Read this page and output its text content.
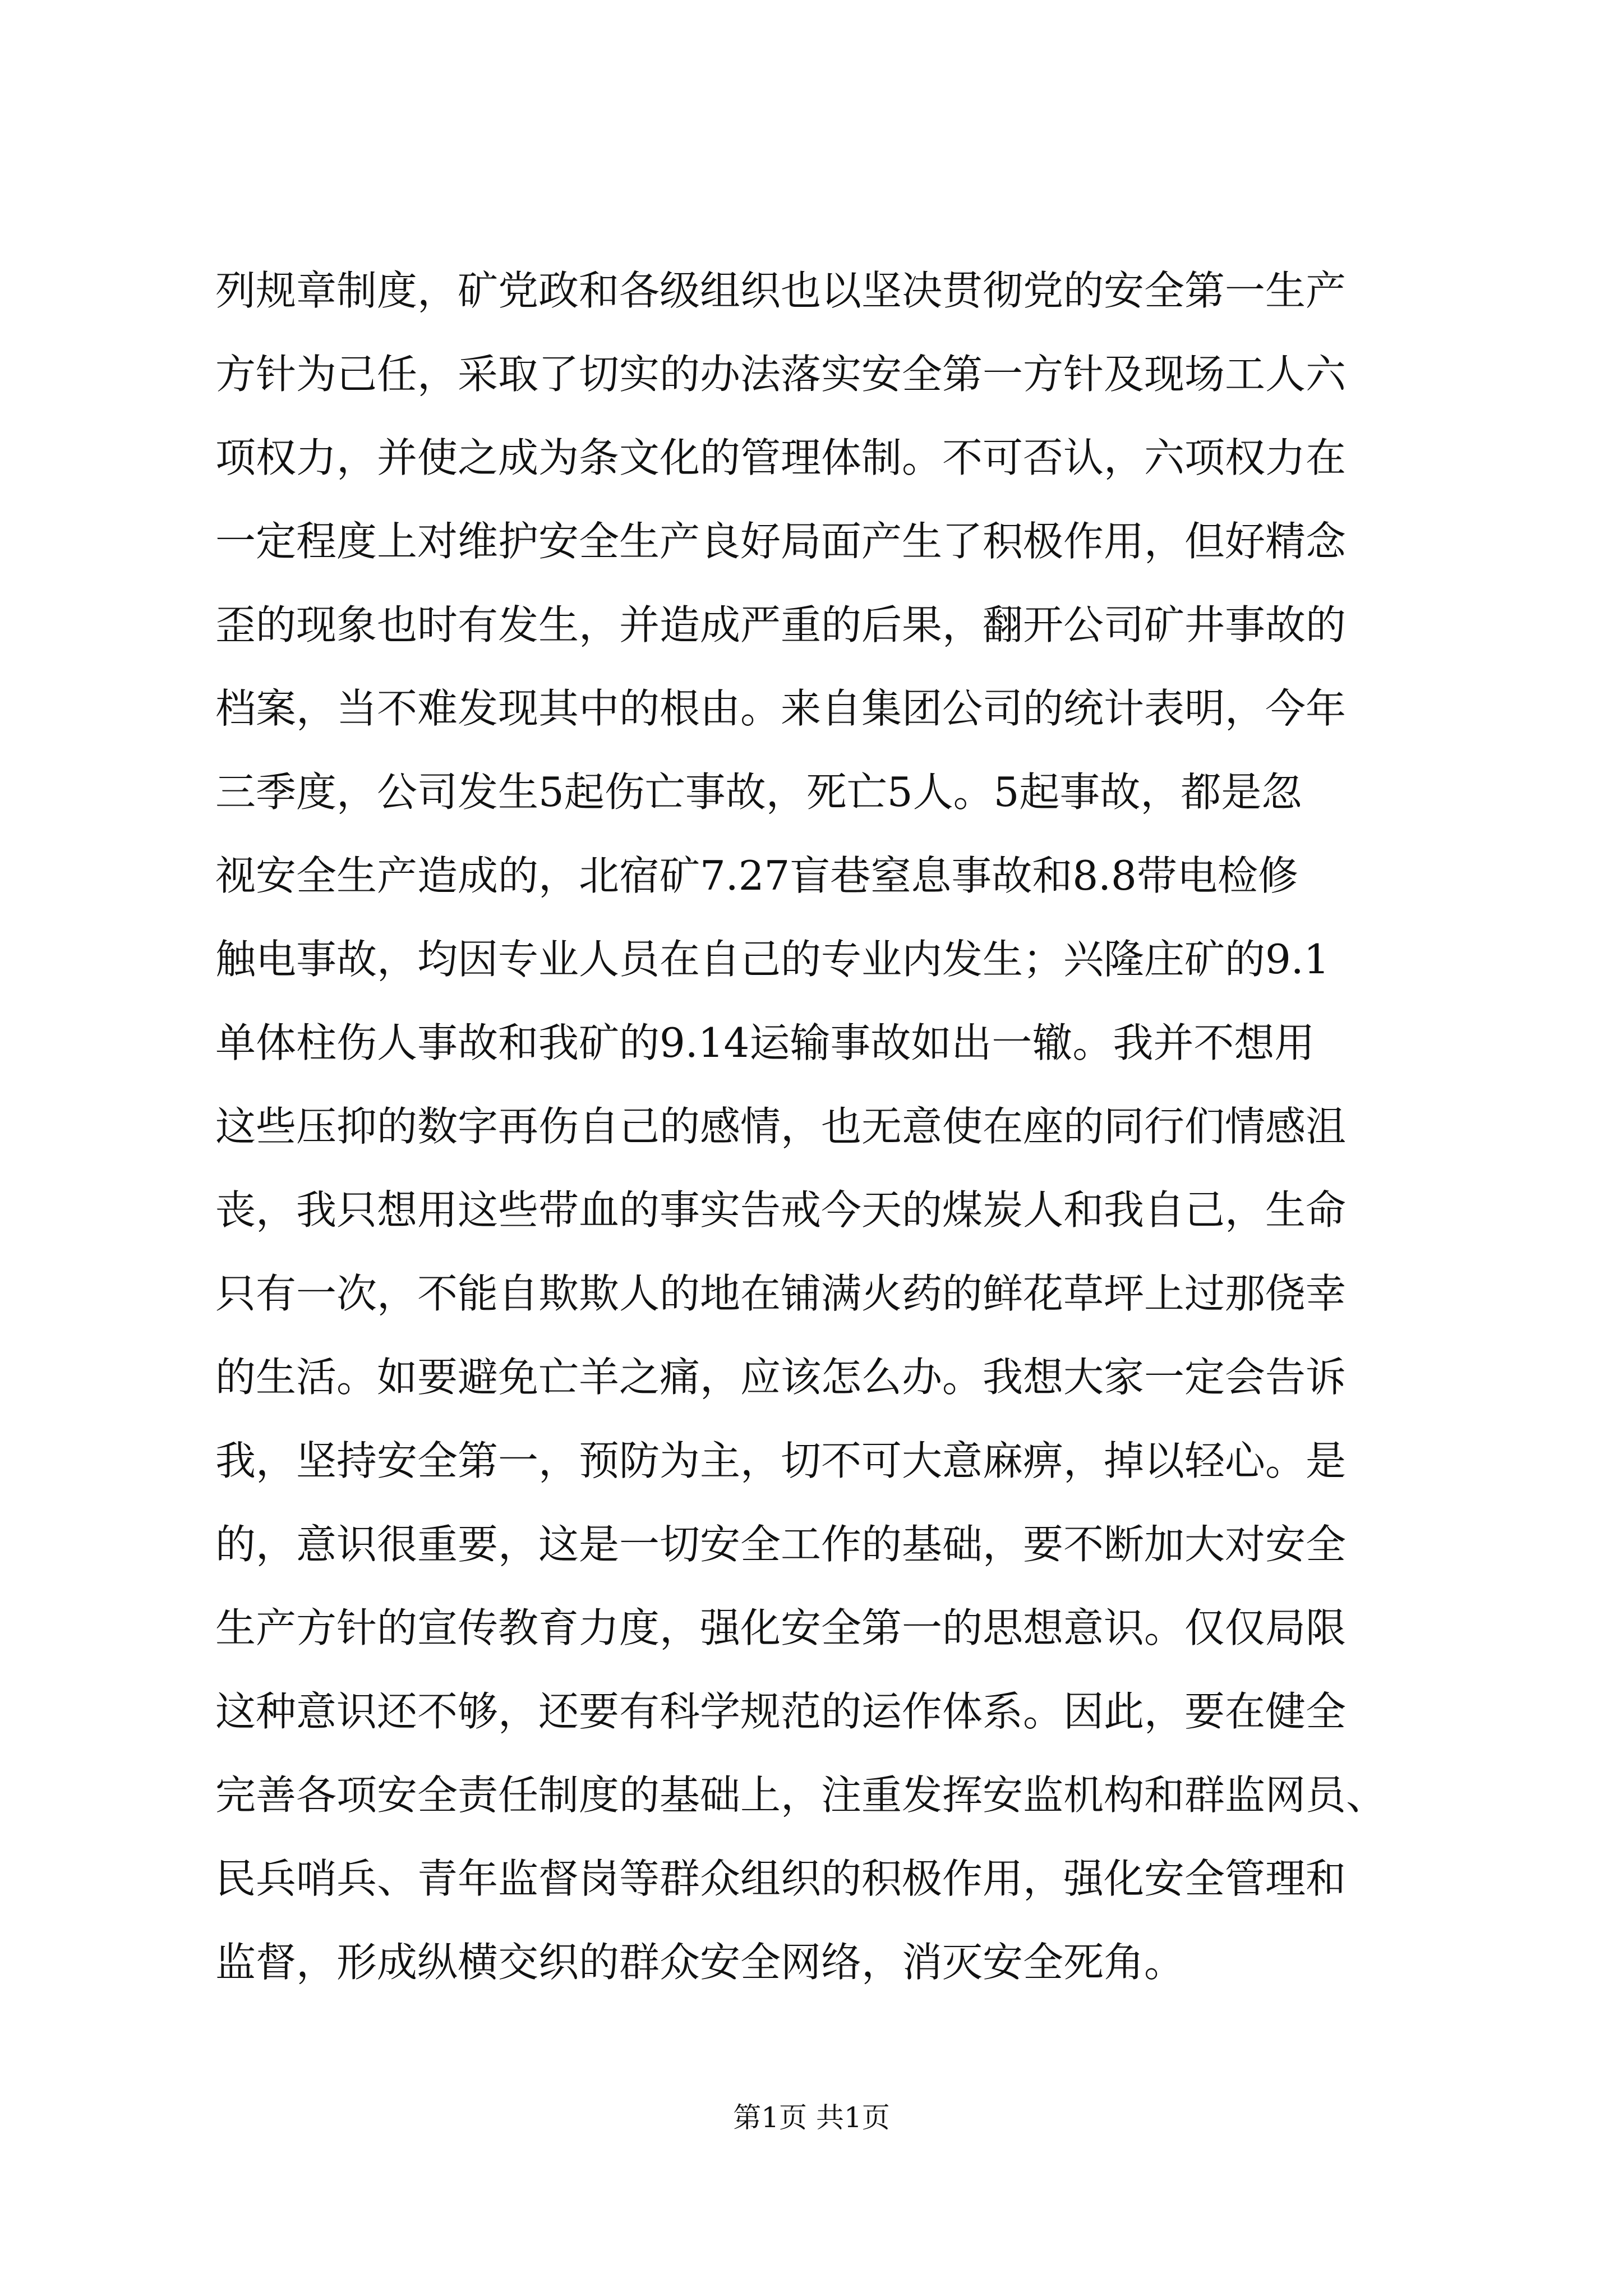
列规章制度，矿党政和各级组织也以坚决贯彻党的安全第一生产
方针为己任，采取了切实的办法落实安全第一方针及现场工人六
项权力，并使之成为条文化的管理体制。不可否认，六项权力在
一定程度上对维护安全生产良好局面产生了积极作用，但好精念
歪的现象也时有发生，并造成严重的后果，翻开公司矿井事故的
档案，当不难发现其中的根由。来自集团公司的统计表明，今年
三季度，公司发生5起伤亡事故，死亡5人。5起事故，都是忽
视安全生产造成的，北宿矿7.27盲巷窒息事故和8.8带电检修
触电事故，均因专业人员在自己的专业内发生；兴隆庄矿的9.1
单体柱伤人事故和我矿的9.14运输事故如出一辙。我并不想用
这些压抑的数字再伤自己的感情，也无意使在座的同行们情感沮
丧，我只想用这些带血的事实告戒今天的煤炭人和我自己，生命
只有一次，不能自欺欺人的地在铺满火药的鲜花草坪上过那侥幸
的生活。如要避免亡羊之痛，应该怎么办。我想大家一定会告诉
我，坚持安全第一，预防为主，切不可大意麻痹，掉以轻心。是
的，意识很重要，这是一切安全工作的基础，要不断加大对安全
生产方针的宣传教育力度，强化安全第一的思想意识。仅仅局限
这种意识还不够，还要有科学规范的运作体系。因此，要在健全
完善各项安全责任制度的基础上，注重发挥安监机构和群监网员、
民兵哨兵、青年监督岗等群众组织的积极作用，强化安全管理和
监督，形成纵横交织的群众安全网络，消灭安全死角。
第1页 共1页
